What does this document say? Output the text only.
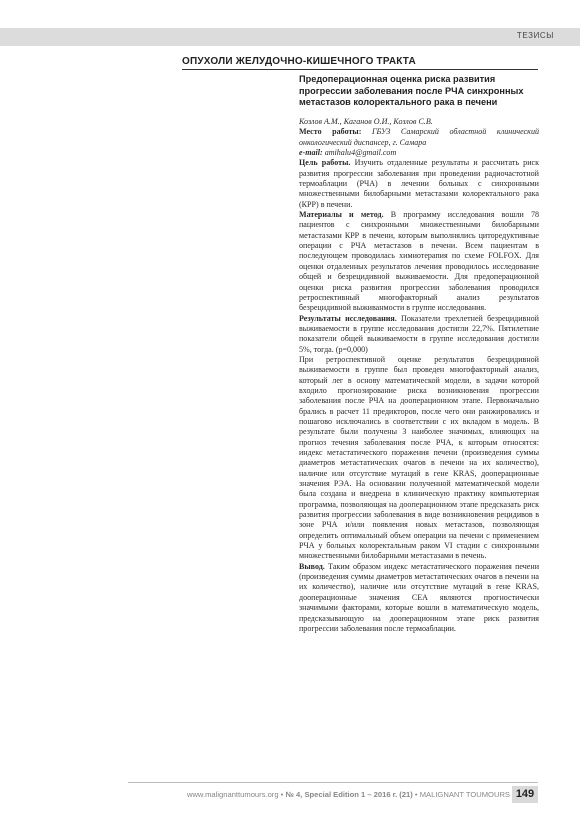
ТЕЗИСЫ
ОПУХОЛИ ЖЕЛУДОЧНО-КИШЕЧНОГО ТРАКТА
Предоперационная оценка риска развития прогрессии заболевания после РЧА синхронных метастазов колоректального рака в печени

Козлов А.М., Каганов О.И., Козлов С.В.

Место работы: ГБУЗ Самарский областной клинический онкологический диспансер, г. Самара

e-mail: amihalu4@gmail.com

Цель работы. Изучить отдаленные результаты и рассчитать риск развития прогрессии заболевания при проведении радиочастотной термоаблации (РЧА) в лечении больных с синхронными множественными билобарными метастазами колоректального рака (КРР) в печени.

Материалы и метод. В программу исследования вошли 78 пациентов с синхронными множественными билобарными метастазами КРР в печени, которым выполнялись циторедуктивные операции с РЧА метастазов в печени. Всем пациентам в последующем проводилась химиотерапия по схеме FOLFOX. Для оценки отдаленных результатов лечения проводилось исследование общей и безрецидивной выживаемости. Для предоперационной оценки риска развития прогрессии заболевания проводился ретроспективный многофакторный анализ результатов безрецидивной выживанмости в группе исследования.

Результаты исследования. Показатели трехлетней безрецидивной выживаемости в группе исследования достигли 22,7%. Пятилетние показатели общей выживаемости в группе исследования достигли 5%, тогда. (p=0,000)

При ретроспективной оценке результатов безрецидивной выживаемости в группе был проведен многофакторный анализ, который лег в основу математической модели, в задачи которой входило прогнозирование риска возникновения прогрессии заболевания после РЧА на дооперационном этапе. Первоначально брались в расчет 11 предикторов, после чего они ранжировались и пошагово исключались в соответствии с их вкладом в модель. В результате были получены 3 наиболее значимых, влияющих на прогноз течения заболевания после РЧА, к которым относятся: индекс метастатического поражения печени (произведения суммы диаметров метастатических очагов в печени на их количество), наличие или отсутствие мутаций в гене KRAS, дооперационные значения РЭА. На основании полученной математической модели была создана и внедрена в клиническую практику компьютерная программа, позволяющая на дооперационном этапе предсказать риск развития прогрессии заболевания в виде возникновения рецидивов в зоне РЧА и/или появления новых метастазов, позволяющая определить оптимальный объем операции на печени с применением РЧА у больных колоректальным раком VI стадии с синхронными множественными билобарными метастазами в печень.

Вывод. Таким образом индекс метастатического поражения печени (произведения суммы диаметров метастатических очагов в печени на их количество), наличие или отсутствие мутаций в гене KRAS, дооперационные значения CEA являются прогностически значимыми факторами, которые вошли в математическую модель, предсказывающую на дооперационном этапе риск развития прогрессии заболевания после термоаблации.

www.malignanttumours.org • № 4, Special Edition 1 – 2016 г. (21) • MALIGNANT TOUMOURS 149
